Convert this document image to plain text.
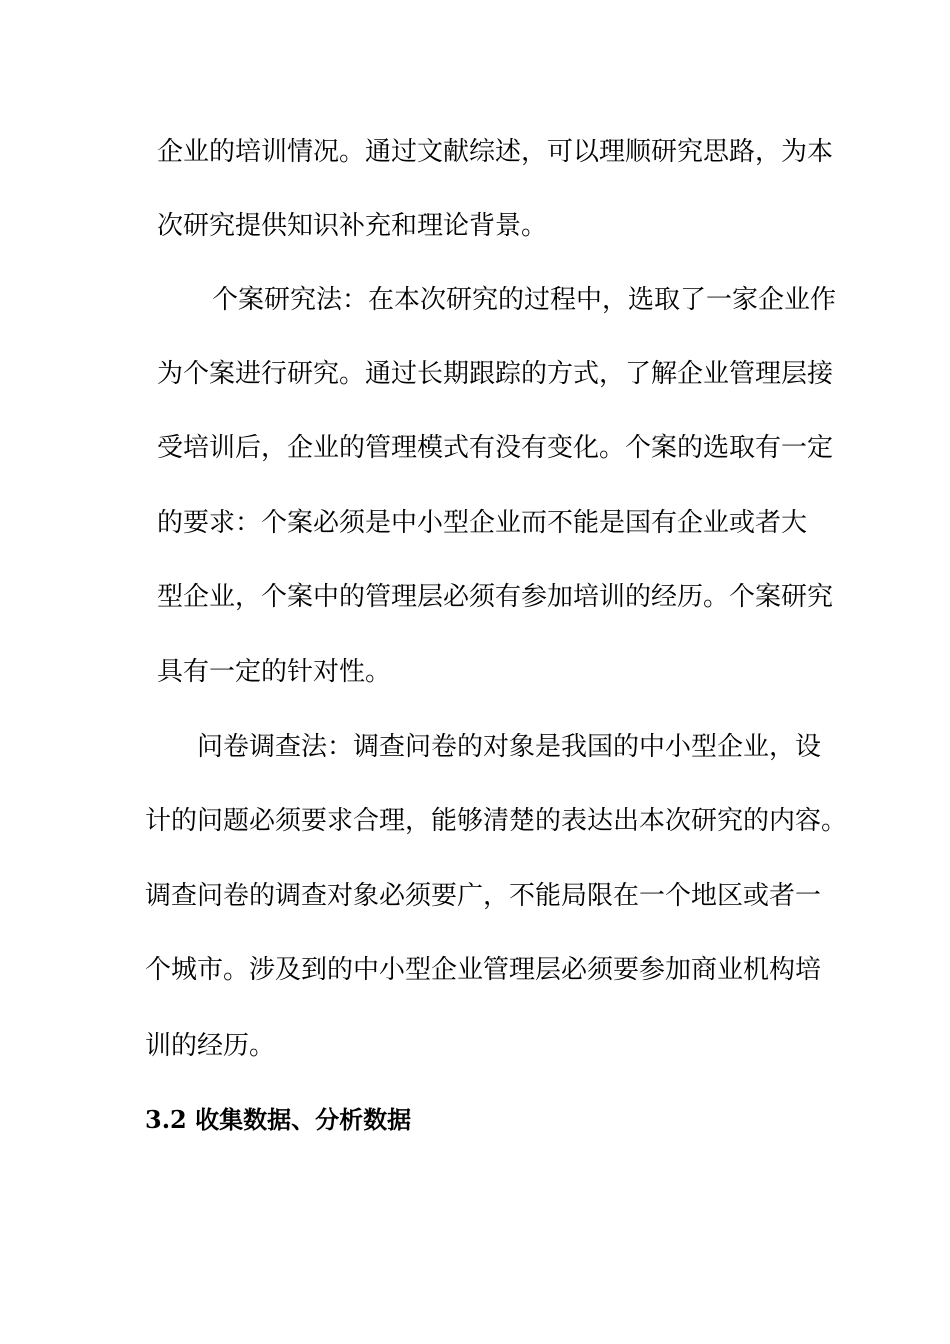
企业的培训情况。通过文献综述，可以理顺研究思路，为本
次研究提供知识补充和理论背景。
个案研究法：在本次研究的过程中，选取了一家企业作
为个案进行研究。通过长期跟踪的方式，了解企业管理层接
受培训后，企业的管理模式有没有变化。个案的选取有一定
的要求：个案必须是中小型企业而不能是国有企业或者大
型企业，个案中的管理层必须有参加培训的经历。个案研究
具有一定的针对性。
问卷调查法：调查问卷的对象是我国的中小型企业，设
计的问题必须要求合理，能够清楚的表达出本次研究的内容。
调查问卷的调查对象必须要广，不能局限在一个地区或者一
个城市。涉及到的中小型企业管理层必须要参加商业机构培
训的经历。
3.2 收集数据、分析数据
